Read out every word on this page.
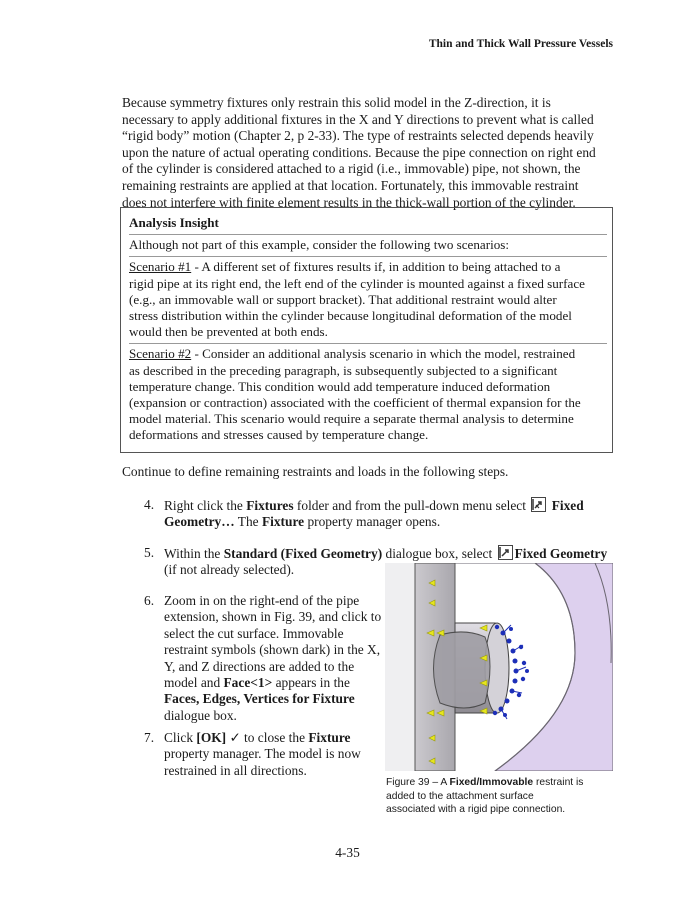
Thin and Thick Wall Pressure Vessels
Because symmetry fixtures only restrain this solid model in the Z-direction, it is
necessary to apply additional fixtures in the X and Y directions to prevent what is called
“rigid body” motion (Chapter 2, p 2-33). The type of restraints selected depends heavily
upon the nature of actual operating conditions. Because the pipe connection on right end
of the cylinder is considered attached to a rigid (i.e., immovable) pipe, not shown, the
remaining restraints are applied at that location. Fortunately, this immovable restraint
does not interfere with finite element results in the thick-wall portion of the cylinder.
Analysis Insight
Although not part of this example, consider the following two scenarios:
Scenario #1 - A different set of fixtures results if, in addition to being attached to a
rigid pipe at its right end, the left end of the cylinder is mounted against a fixed surface
(e.g., an immovable wall or support bracket). That additional restraint would alter
stress distribution within the cylinder because longitudinal deformation of the model
would then be prevented at both ends.
Scenario #2 - Consider an additional analysis scenario in which the model, restrained
as described in the preceding paragraph, is subsequently subjected to a significant
temperature change. This condition would add temperature induced deformation
(expansion or contraction) associated with the coefficient of thermal expansion for the
model material. This scenario would require a separate thermal analysis to determine
deformations and stresses caused by temperature change.
Continue to define remaining restraints and loads in the following steps.
4. Right click the Fixtures folder and from the pull-down menu select
Fixed
Geometry… The Fixture property manager opens.
5. Within the Standard (Fixed Geometry) dialogue box, select
Fixed Geometry
(if not already selected).
6. Zoom in on the right-end of the pipe
extension, shown in Fig. 39, and click to
select the cut surface. Immovable
restraint symbols (shown dark) in the X,
Y, and Z directions are added to the
model and Face<1> appears in the
Faces, Edges, Vertices for Fixture
dialogue box.
7. Click [OK] ✓ to close the Fixture
property manager. The model is now
restrained in all directions.
Figure 39 – A Fixed/Immovable restraint is
added to the attachment surface
associated with a rigid pipe connection.
4-35
